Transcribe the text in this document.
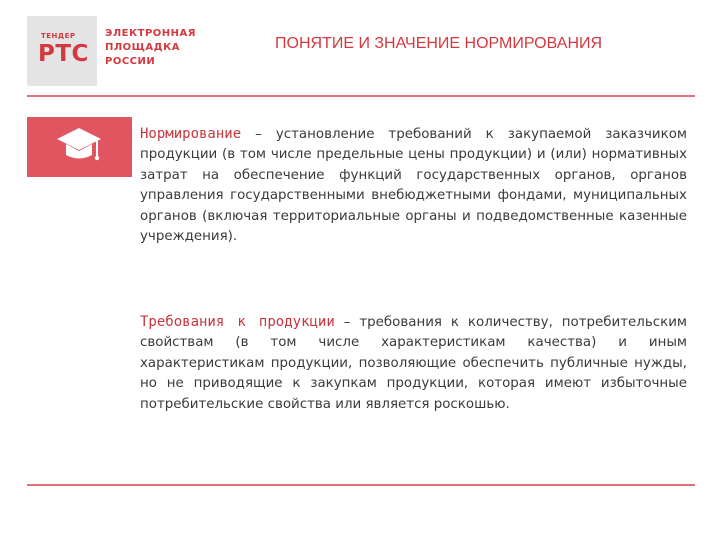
ТЕНДЕР
РТС
ЭЛЕКТРОННАЯ
ПЛОЩАДКА
РОССИИ
ПОНЯТИЕ И ЗНАЧЕНИЕ НОРМИРОВАНИЯ
Нормирование – установление требований к закупаемой заказчиком продукции (в том числе предельные цены продукции) и (или) нормативных затрат на обеспечение функций государственных органов, органов управления государственными внебюджетными фондами, муниципальных органов (включая территориальные органы и подведомственные казенные учреждения).
Требования к продукции – требования к количеству, потребительским свойствам (в том числе характеристикам качества) и иным характеристикам продукции, позволяющие обеспечить публичные нужды, но не приводящие к закупкам продукции, которая имеют избыточные потребительские свойства или является роскошью.
